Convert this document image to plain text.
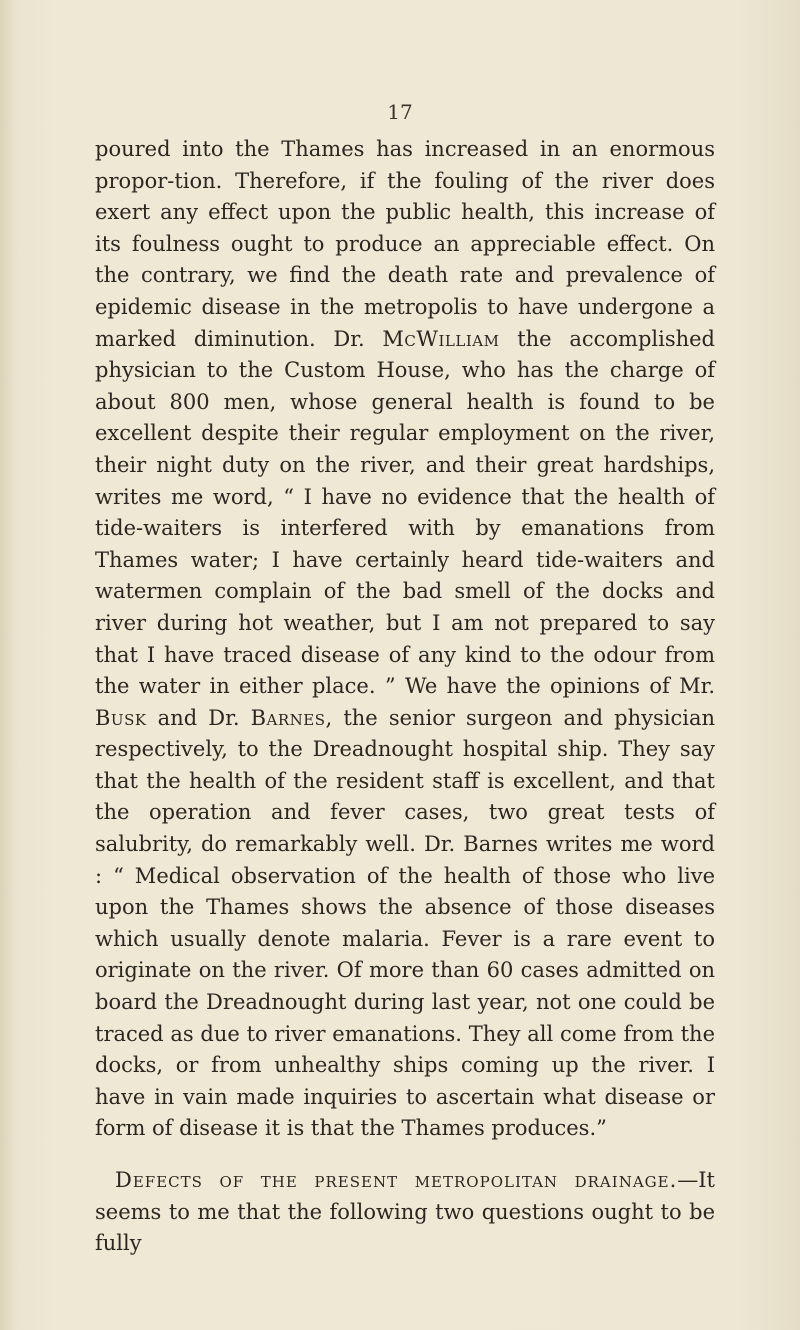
17

poured into the Thames has increased in an enormous propor-tion. Therefore, if the fouling of the river does exert any effect upon the public health, this increase of its foulness ought to produce an appreciable effect. On the contrary, we find the death rate and prevalence of epidemic disease in the metropolis to have undergone a marked diminution. Dr. McWilliam the accomplished physician to the Custom House, who has the charge of about 800 men, whose general health is found to be excellent despite their regular employment on the river, their night duty on the river, and their great hardships, writes me word, “ I have no evidence that the health of tide-waiters is interfered with by emanations from Thames water; I have certainly heard tide-waiters and watermen complain of the bad smell of the docks and river during hot weather, but I am not prepared to say that I have traced disease of any kind to the odour from the water in either place. ” We have the opinions of Mr. Busk and Dr. Barnes, the senior surgeon and physician respectively, to the Dreadnought hospital ship. They say that the health of the resident staff is excellent, and that the operation and fever cases, two great tests of salubrity, do remarkably well. Dr. Barnes writes me word : “ Medical observation of the health of those who live upon the Thames shows the absence of those diseases which usually denote malaria. Fever is a rare event to originate on the river. Of more than 60 cases admitted on board the Dreadnought during last year, not one could be traced as due to river emanations. They all come from the docks, or from unhealthy ships coming up the river. I have in vain made inquiries to ascertain what disease or form of disease it is that the Thames produces.”

Defects of the present metropolitan drainage.—It seems to me that the following two questions ought to be fully
